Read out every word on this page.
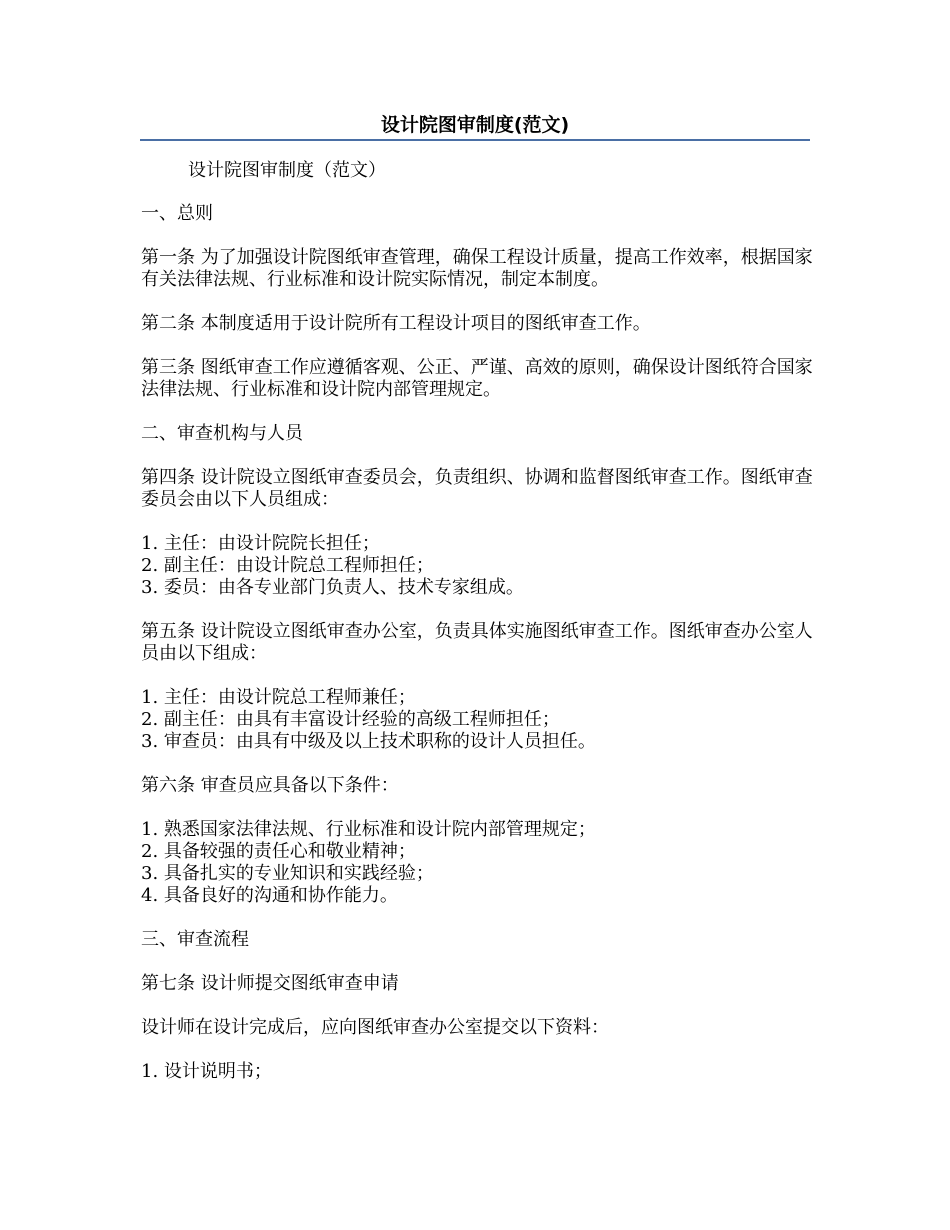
设计院图审制度(范文)

设计院图审制度（范文）

一、总则

第一条 为了加强设计院图纸审查管理，确保工程设计质量，提高工作效率，根据国家有关法律法规、行业标准和设计院实际情况，制定本制度。

第二条 本制度适用于设计院所有工程设计项目的图纸审查工作。

第三条 图纸审查工作应遵循客观、公正、严谨、高效的原则，确保设计图纸符合国家法律法规、行业标准和设计院内部管理规定。

二、审查机构与人员

第四条 设计院设立图纸审查委员会，负责组织、协调和监督图纸审查工作。图纸审查委员会由以下人员组成：

1. 主任：由设计院院长担任；
2. 副主任：由设计院总工程师担任；
3. 委员：由各专业部门负责人、技术专家组成。

第五条 设计院设立图纸审查办公室，负责具体实施图纸审查工作。图纸审查办公室人员由以下组成：

1. 主任：由设计院总工程师兼任；
2. 副主任：由具有丰富设计经验的高级工程师担任；
3. 审查员：由具有中级及以上技术职称的设计人员担任。

第六条 审查员应具备以下条件：

1. 熟悉国家法律法规、行业标准和设计院内部管理规定；
2. 具备较强的责任心和敬业精神；
3. 具备扎实的专业知识和实践经验；
4. 具备良好的沟通和协作能力。

三、审查流程

第七条 设计师提交图纸审查申请

设计师在设计完成后，应向图纸审查办公室提交以下资料：

1. 设计说明书；
